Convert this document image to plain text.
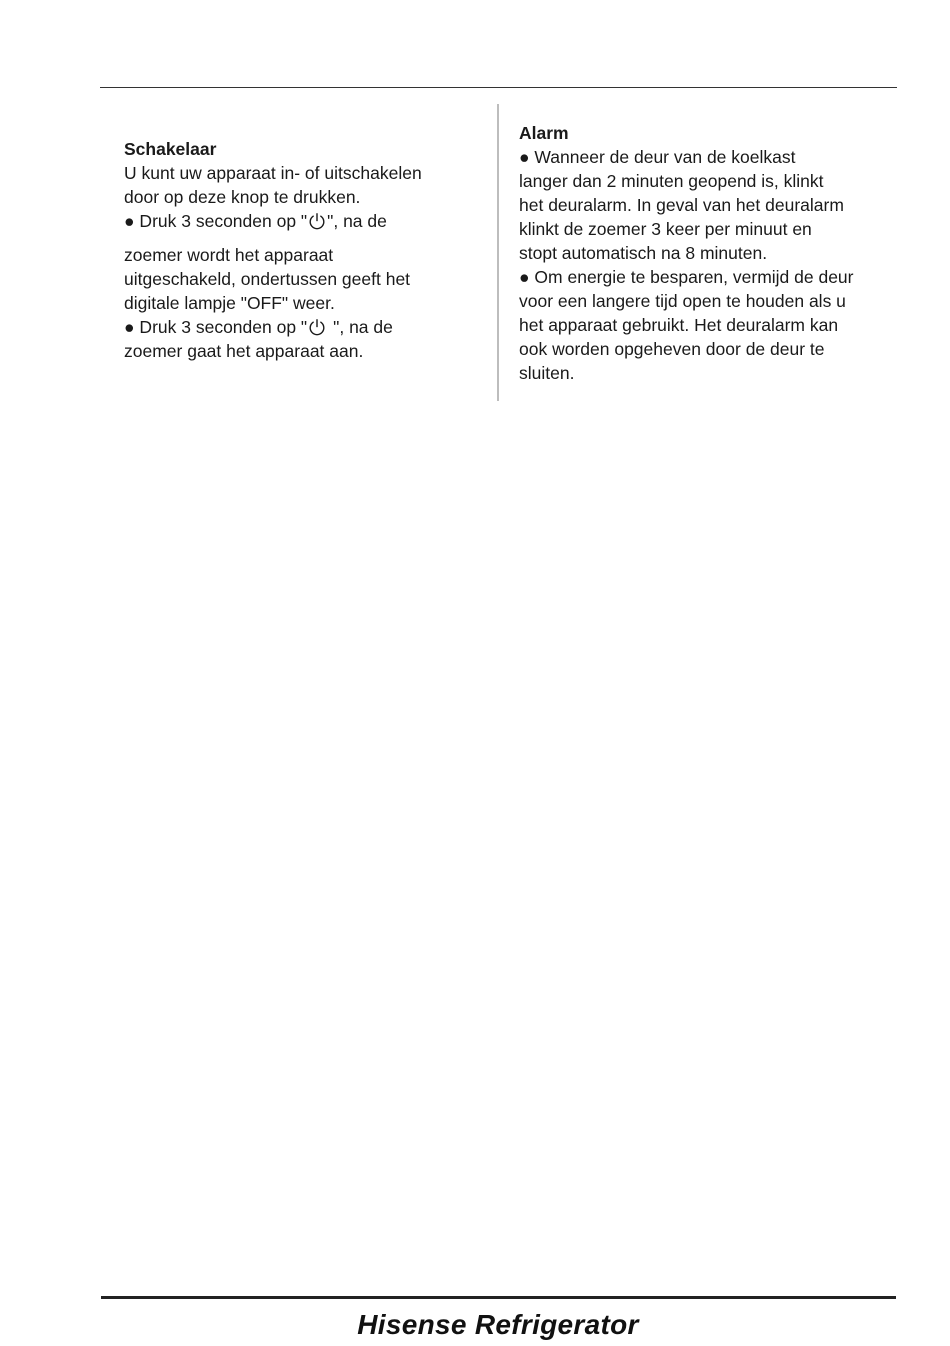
Schakelaar
U kunt uw apparaat in- of uitschakelen
door op deze knop te drukken.
● Druk 3 seconden op " ", na de
zoemer wordt het apparaat
uitgeschakeld, ondertussen geeft het
digitale lampje "OFF" weer.
● Druk 3 seconden op " ", na de
zoemer gaat het apparaat aan.
Alarm
● Wanneer de deur van de koelkast
langer dan 2 minuten geopend is, klinkt
het deuralarm. In geval van het deuralarm
klinkt de zoemer 3 keer per minuut en
stopt automatisch na 8 minuten.
● Om energie te besparen, vermijd de deur
voor een langere tijd open te houden als u
het apparaat gebruikt. Het deuralarm kan
ook worden opgeheven door de deur te
sluiten.
Hisense Refrigerator
